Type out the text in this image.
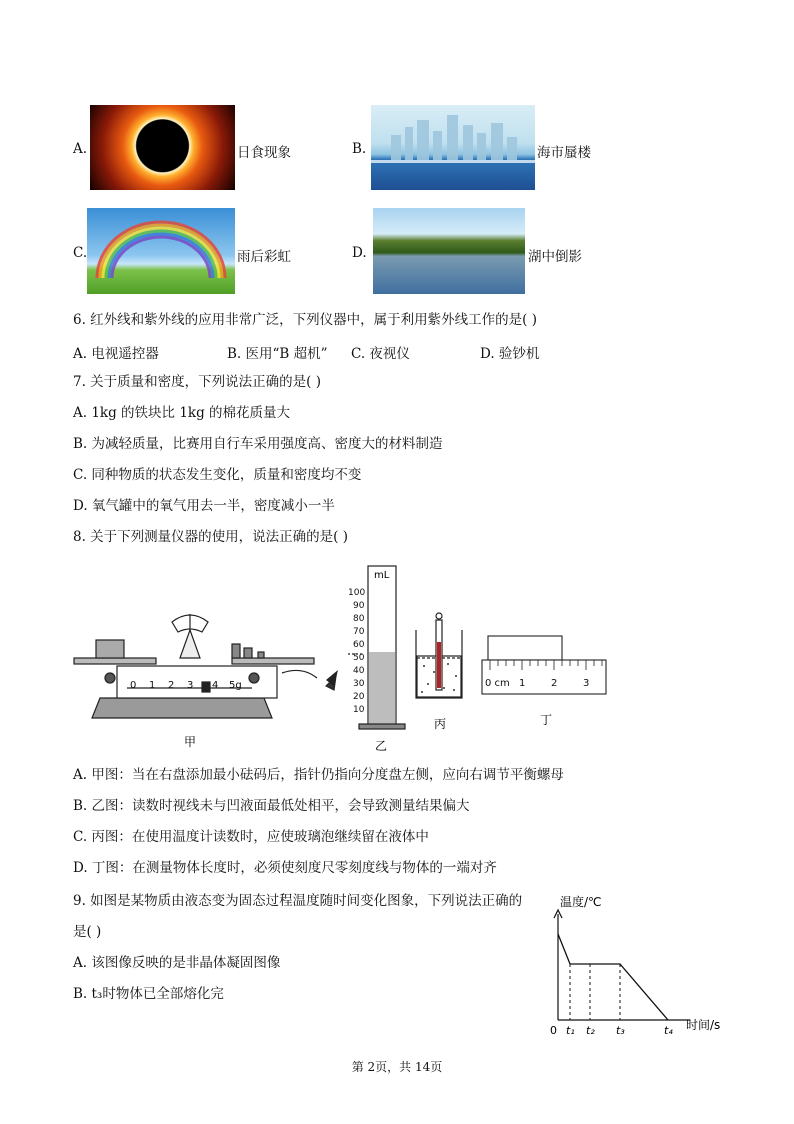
A.	日食现象	B.	海市蜃楼
C.	雨后彩虹	D.	湖中倒影
6. 红外线和紫外线的应用非常广泛，下列仪器中，属于利用紫外线工作的是( )
A. 电视遥控器	B. 医用“B 超机” C. 夜视仪	D. 验钞机
7. 关于质量和密度，下列说法正确的是( )
A. 1kg 的铁块比 1kg 的棉花质量大
B. 为减轻质量，比赛用自行车采用强度高、密度大的材料制造
C. 同种物质的状态发生变化，质量和密度均不变
D. 氧气罐中的氧气用去一半，密度减小一半
8. 关于下列测量仪器的使用，说法正确的是( )
0 1 2 3 4 5g
甲
mL
100
90
80
70
60
50
40
30
20
10
乙
丙
0 cm 1	2	3
丁
A. 甲图：当在右盘添加最小砝码后，指针仍指向分度盘左侧，应向右调节平衡螺母
B. 乙图：读数时视线未与凹液面最低处相平，会导致测量结果偏大
C. 丙图：在使用温度计读数时，应使玻璃泡继续留在液体中
D. 丁图：在测量物体长度时，必须使刻度尺零刻度线与物体的一端对齐
9. 如图是某物质由液态变为固态过程温度随时间变化图象，下列说法正确的
是( )
A. 该图像反映的是非晶体凝固图像
B. t₃时物体已全部熔化完
温度/℃
时间/s
0 t₁ t₂ t₃	t₄
第 2页，共 14页
